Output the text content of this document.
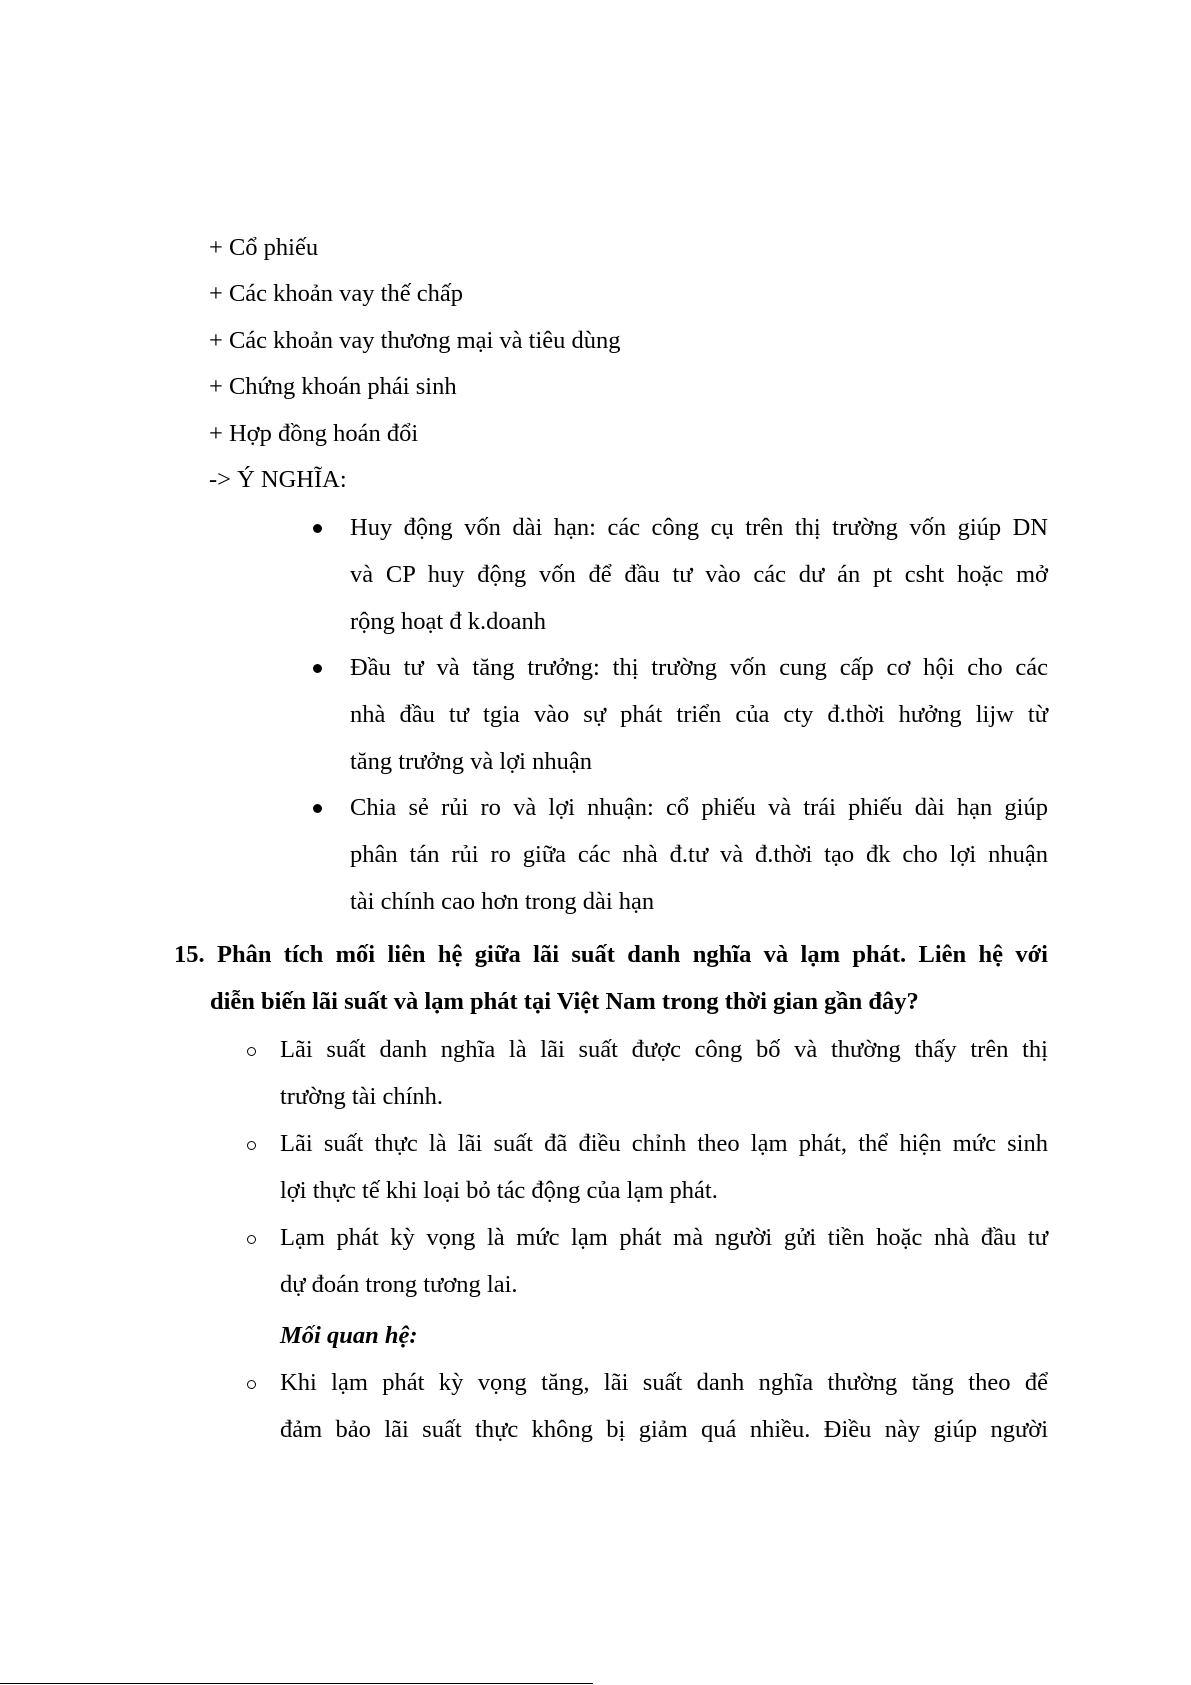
+ Cổ phiếu
+ Các khoản vay thế chấp
+ Các khoản vay thương mại và tiêu dùng
+ Chứng khoán phái sinh
+ Hợp đồng hoán đổi
-> Ý NGHĨA:
Huy động vốn dài hạn: các công cụ trên thị trường vốn giúp DN
và CP huy động vốn để đầu tư vào các dư án pt csht hoặc mở
rộng hoạt đ k.doanh
Đầu tư và tăng trưởng: thị trường vốn cung cấp cơ hội cho các
nhà đầu tư tgia vào sự phát triển của cty đ.thời hưởng lijw từ
tăng trưởng và lợi nhuận
Chia sẻ rủi ro và lợi nhuận: cổ phiếu và trái phiếu dài hạn giúp
phân tán rủi ro giữa các nhà đ.tư và đ.thời tạo đk cho lợi nhuận
tài chính cao hơn trong dài hạn
15. Phân tích mối liên hệ giữa lãi suất danh nghĩa và lạm phát. Liên hệ với
diễn biến lãi suất và lạm phát tại Việt Nam trong thời gian gần đây?
Lãi suất danh nghĩa là lãi suất được công bố và thường thấy trên thị
trường tài chính.
Lãi suất thực là lãi suất đã điều chỉnh theo lạm phát, thể hiện mức sinh
lợi thực tế khi loại bỏ tác động của lạm phát.
Lạm phát kỳ vọng là mức lạm phát mà người gửi tiền hoặc nhà đầu tư
dự đoán trong tương lai.
Mối quan hệ:
Khi lạm phát kỳ vọng tăng, lãi suất danh nghĩa thường tăng theo để
đảm bảo lãi suất thực không bị giảm quá nhiều. Điều này giúp người
